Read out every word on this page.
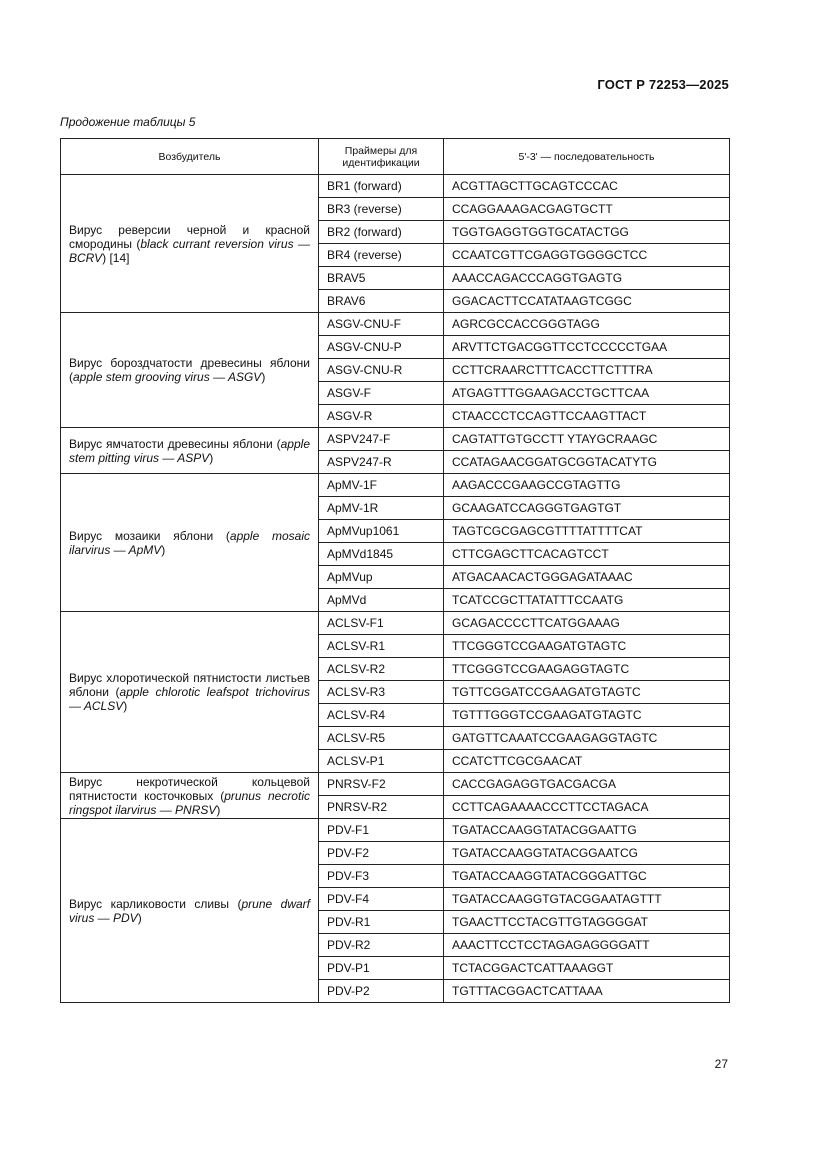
ГОСТ Р 72253—2025
Продожение таблицы 5
Возбудитель	Праймеры для идентификации	5'-3' — последовательность
Вирус реверсии черной и красной смородины (black currant reversion virus — BCRV) [14]	BR1 (forward)	ACGTTAGCTTGCAGTCCCAC
	BR3 (reverse)	CCAGGAAAGACGAGTGCTT
	BR2 (forward)	TGGTGAGGTGGTGCATACTGG
	BR4 (reverse)	CCAATCGTTCGAGGTGGGGCTCC
	BRAV5	AAACCAGACCCAGGTGAGTG
	BRAV6	GGACACTTCCATATAAGTCGGC
Вирус бороздчатости древесины яблони (apple stem grooving virus — ASGV)	ASGV-CNU-F	AGRCGCCACCGGGTAGG
	ASGV-CNU-P	ARVTTCTGACGGTTCCTCCCCCTGAA
	ASGV-CNU-R	CCTTCRAARCTTTCACCTTCTTTRA
	ASGV-F	ATGAGTTTGGAAGACCTGCTTCAA
	ASGV-R	CTAACCCTCCAGTTCCAAGTTACT
Вирус ямчатости древесины яблони (apple stem pitting virus — ASPV)	ASPV247-F	CAGTATTGTGCCTT YTAYGCRAAGC
	ASPV247-R	CCATAGAACGGATGCGGTACATYTG
Вирус мозаики яблони (apple mosaic ilarvirus — ApMV)	ApMV-1F	AAGACCCGAAGCCGTAGTTG
	ApMV-1R	GCAAGATCCAGGGTGAGTGT
	ApMVup1061	TAGTCGCGAGCGTTTTATTTTCAT
	ApMVd1845	CTTCGAGCTTCACAGTCCT
	ApMVup	ATGACAACACTGGGAGATAAAC
	ApMVd	TCATCCGCTTATATTTCCAATG
Вирус хлоротической пятнистости листьев яблони (apple chlorotic leafspot trichovirus — ACLSV)	ACLSV-F1	GCAGACCCCTTCATGGAAAG
	ACLSV-R1	TTCGGGTCCGAAGATGTAGTC
	ACLSV-R2	TTCGGGTCCGAAGAGGTAGTC
	ACLSV-R3	TGTTCGGATCCGAAGATGTAGTC
	ACLSV-R4	TGTTTGGGTCCGAAGATGTAGTC
	ACLSV-R5	GATGTTCAAATCCGAAGAGGTAGTC
	ACLSV-P1	CCATCTTCGCGAACAT
Вирус некротической кольцевой пятнистости косточковых (prunus necrotic ringspot ilarvirus — PNRSV)	PNRSV-F2	CACCGAGAGGTGACGACGA
	PNRSV-R2	CCTTCAGAAAACCCTTCCTAGACA
Вирус карликовости сливы (prune dwarf virus — PDV)	PDV-F1	TGATACCAAGGTATACGGAATTG
	PDV-F2	TGATACCAAGGTATACGGAATCG
	PDV-F3	TGATACCAAGGTATACGGGATTGC
	PDV-F4	TGATACCAAGGTGTACGGAATAGTTT
	PDV-R1	TGAACTTCCTACGTTGTAGGGGAT
	PDV-R2	AAACTTCCTCCTAGAGAGGGGATT
	PDV-P1	TCTACGGACTCATTAAAGGT
	PDV-P2	TGTTTACGGACTCATTAAA
27
